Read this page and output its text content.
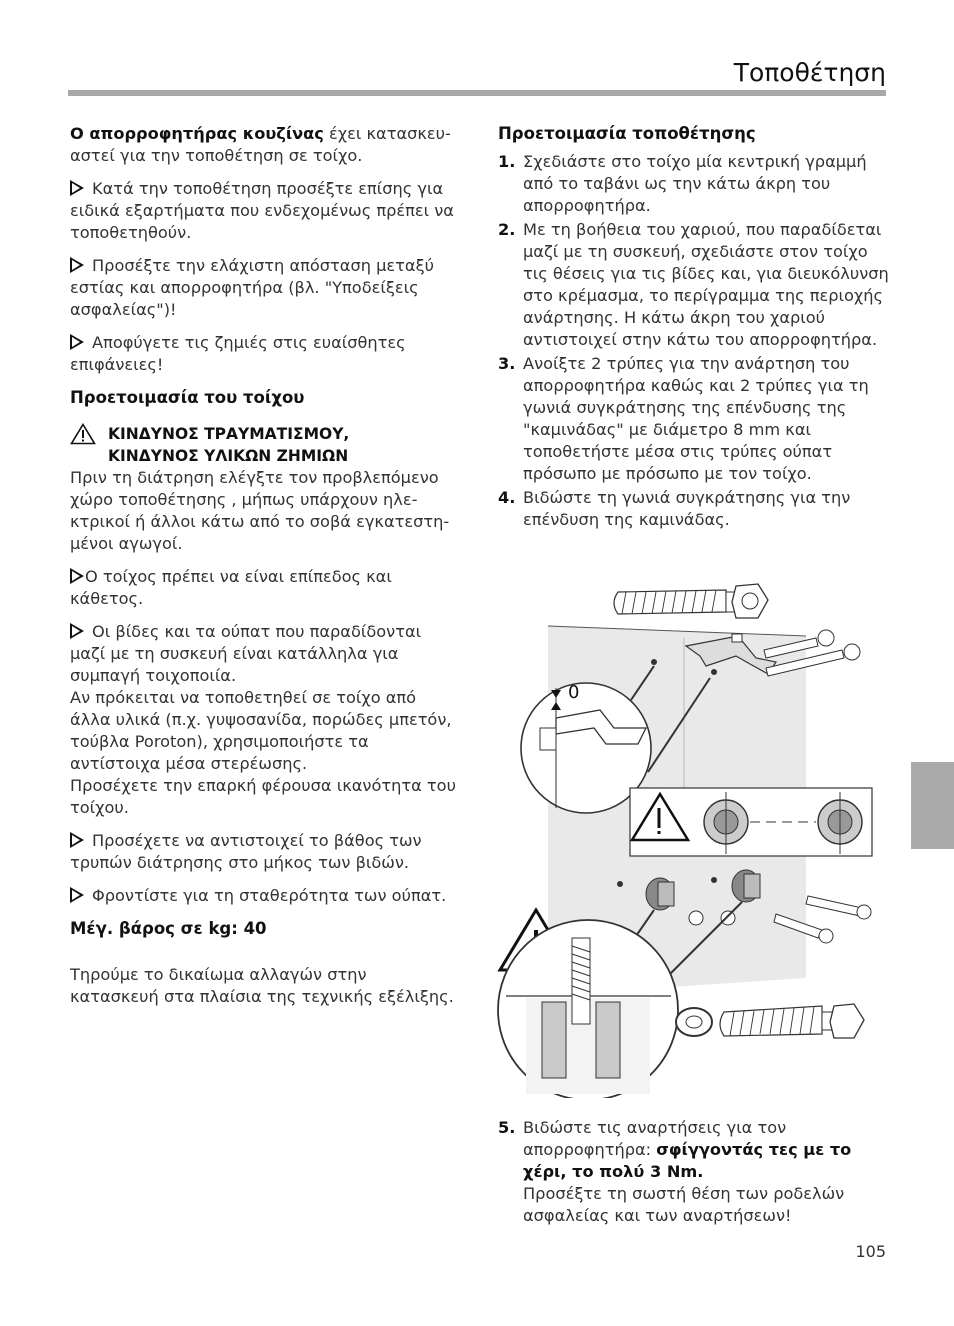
Τοποθέτηση

Ο απορροφητήρας κουζίνας έχει κατασκευ-αστεί για την τοποθέτηση σε τοίχο.

Κατά την τοποθέτηση προσέξτε επίσης για ειδικά εξαρτήματα που ενδεχομένως πρέπει να τοποθετηθούν.

Προσέξτε την ελάχιστη απόσταση μεταξύ εστίας και απορροφητήρα (βλ. "Υποδείξεις ασφαλείας")!

Αποφύγετε τις ζημιές στις ευαίσθητες επιφάνειες!

Προετοιμασία του τοίχου

ΚΙΝΔΥΝΟΣ ΤΡΑΥΜΑΤΙΣΜΟΥ,
ΚΙΝΔΥΝΟΣ ΥΛΙΚΩΝ ΖΗΜΙΩΝ

Πριν τη διάτρηση ελέγξτε τον προβλεπόμενο χώρο τοποθέτησης , μήπως υπάρχουν ηλε-κτρικοί ή άλλοι κάτω από το σοβά εγκατεστη-μένοι αγωγοί.

Ο τοίχος πρέπει να είναι επίπεδος και κάθετος.

Οι βίδες και τα ούπατ που παραδίδονται μαζί με τη συσκευή είναι κατάλληλα για συμπαγή τοιχοποιία.
Αν πρόκειται να τοποθετηθεί σε τοίχο από άλλα υλικά (π.χ. γυψοσανίδα, πορώδες μπετόν, τούβλα Poroton), χρησιμοποιήστε τα αντίστοιχα μέσα στερέωσης.
Προσέχετε την επαρκή φέρουσα ικανότητα του τοίχου.

Προσέχετε να αντιστοιχεί το βάθος των τρυπών διάτρησης στο μήκος των βιδών.

Φροντίστε για τη σταθερότητα των ούπατ.

Μέγ. βάρος σε kg: 40

Τηρούμε το δικαίωμα αλλαγών στην κατασκευή στα πλαίσια της τεχνικής εξέλιξης.

Προετοιμασία τοποθέτησης

1. Σχεδιάστε στο τοίχο μία κεντρική γραμμή από το ταβάνι ως την κάτω άκρη του απορροφητήρα.
2. Με τη βοήθεια του χαριού, που παραδίδεται μαζί με τη συσκευή, σχεδιάστε στον τοίχο τις θέσεις για τις βίδες και, για διευκόλυνση στο κρέμασμα, το περίγραμμα της περιοχής ανάρτησης. Η κάτω άκρη του χαριού αντιστοιχεί στην κάτω του απορροφητήρα.
3. Ανοίξτε 2 τρύπες για την ανάρτηση του απορροφητήρα καθώς και 2 τρύπες για τη γωνιά συγκράτησης της επένδυσης της "καμινάδας" με διάμετρο 8 mm και τοποθετήστε μέσα στις τρύπες ούπατ πρόσωπο με πρόσωπο με τον τοίχο.
4. Βιδώστε τη γωνιά συγκράτησης για την επένδυση της καμινάδας.
0
5. Βιδώστε τις αναρτήσεις για τον απορροφητήρα: σφίγγοντάς τες με το χέρι, το πολύ 3 Nm.
Προσέξτε τη σωστή θέση των ροδελών ασφαλείας και των αναρτήσεων!
105
